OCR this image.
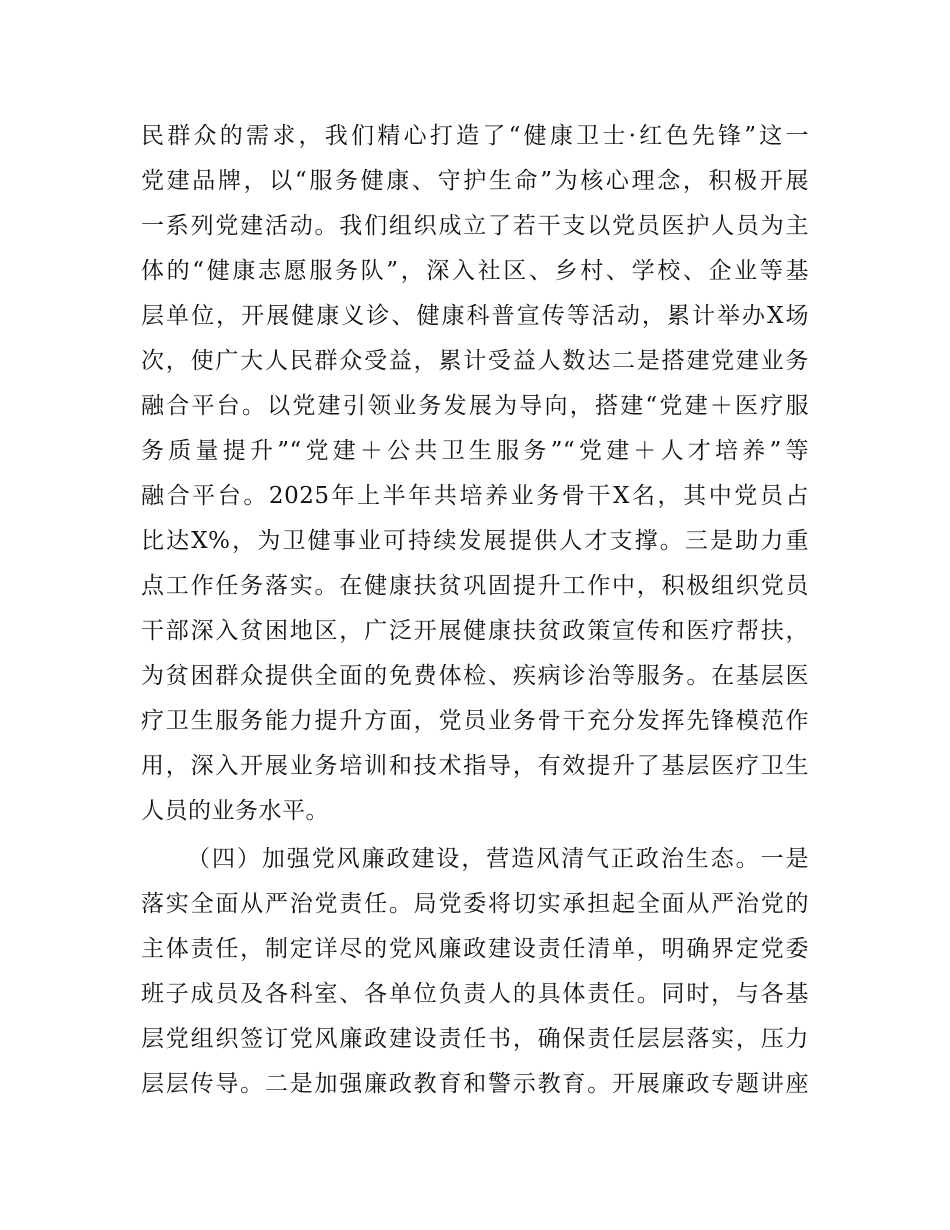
民群众的需求，我们精心打造了“健康卫士·红色先锋”这一
党建品牌，以“服务健康、守护生命”为核心理念，积极开展
一系列党建活动。我们组织成立了若干支以党员医护人员为主
体的“健康志愿服务队”，深入社区、乡村、学校、企业等基
层单位，开展健康义诊、健康科普宣传等活动，累计举办X场
次，使广大人民群众受益，累计受益人数达二是搭建党建业务
融合平台。以党建引领业务发展为导向，搭建“党建＋医疗服
务质量提升”“党建＋公共卫生服务”“党建＋人才培养”等
融合平台。2025年上半年共培养业务骨干X名，其中党员占
比达X%，为卫健事业可持续发展提供人才支撑。三是助力重
点工作任务落实。在健康扶贫巩固提升工作中，积极组织党员
干部深入贫困地区，广泛开展健康扶贫政策宣传和医疗帮扶，
为贫困群众提供全面的免费体检、疾病诊治等服务。在基层医
疗卫生服务能力提升方面，党员业务骨干充分发挥先锋模范作
用，深入开展业务培训和技术指导，有效提升了基层医疗卫生
人员的业务水平。
（四）加强党风廉政建设，营造风清气正政治生态。一是
落实全面从严治党责任。局党委将切实承担起全面从严治党的
主体责任，制定详尽的党风廉政建设责任清单，明确界定党委
班子成员及各科室、各单位负责人的具体责任。同时，与各基
层党组织签订党风廉政建设责任书，确保责任层层落实，压力
层层传导。二是加强廉政教育和警示教育。开展廉政专题讲座
